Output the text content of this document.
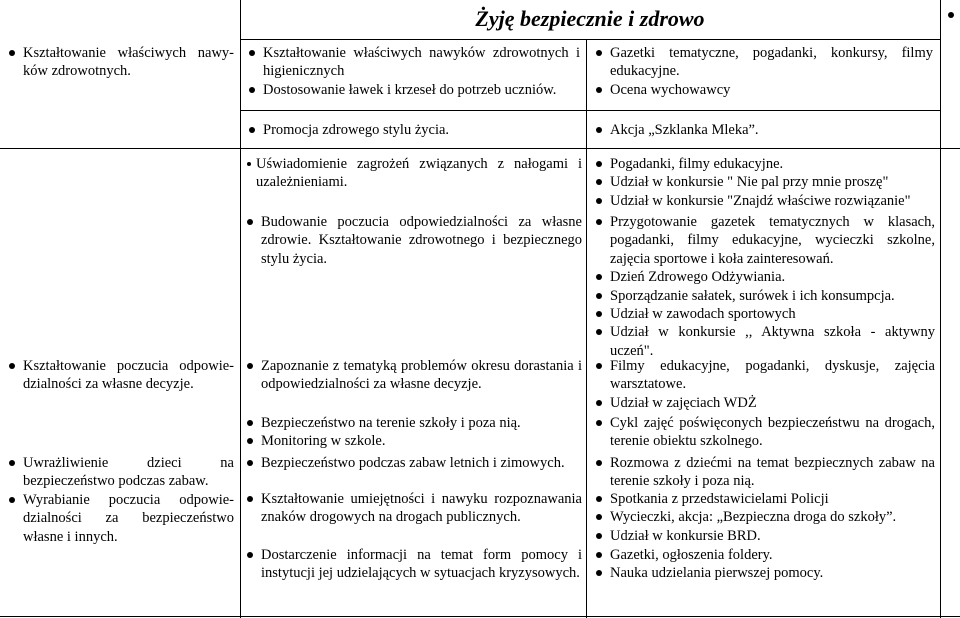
Żyję bezpiecznie i zdrowo
Kształtowanie właściwych nawy-ków zdrowotnych.
Kształtowanie poczucia odpowie-dzialności za własne decyzje.
Uwrażliwienie dzieci na bezpieczeństwo podczas zabaw.
Wyrabianie poczucia odpowie-dzialności za bezpieczeństwo własne i innych.
Kształtowanie właściwych nawyków zdrowotnych i higienicznych
Dostosowanie ławek i krzeseł do potrzeb uczniów.
Gazetki tematyczne, pogadanki, konkursy, filmy edukacyjne.
Ocena wychowawcy
Promocja zdrowego stylu życia.	Akcja „Szklanka Mleka”.
Uświadomienie zagrożeń związanych z nałogami i uzależnieniami.
Budowanie poczucia odpowiedzialności za własne zdrowie. Kształtowanie zdrowotnego i bezpiecznego stylu życia.
Zapoznanie z tematyką problemów okresu dorastania i odpowiedzialności za własne decyzje.
Bezpieczeństwo na terenie szkoły i poza nią.
Monitoring w szkole.
Bezpieczeństwo podczas zabaw letnich i zimowych.
Kształtowanie umiejętności i nawyku rozpoznawania znaków drogowych na drogach publicznych.
Dostarczenie informacji na temat form pomocy i instytucji jej udzielających w sytuacjach kryzysowych.
Pogadanki, filmy edukacyjne.
Udział w konkursie " Nie pal przy mnie proszę"
Udział w konkursie "Znajdź właściwe rozwiązanie"
Przygotowanie gazetek tematycznych w klasach, pogadanki, filmy edukacyjne, wycieczki szkolne, zajęcia sportowe i koła zainteresowań.
Dzień Zdrowego Odżywiania.
Sporządzanie sałatek, surówek i ich konsumpcja.
Udział w zawodach sportowych
Udział w konkursie ,, Aktywna szkoła - aktywny uczeń".
Filmy edukacyjne, pogadanki, dyskusje, zajęcia warsztatowe.
Udział w zajęciach WDŻ
Cykl zajęć poświęconych bezpieczeństwu na drogach, terenie obiektu szkolnego.
Rozmowa z dziećmi na temat bezpiecznych zabaw na terenie szkoły i poza nią.
Spotkania z przedstawicielami Policji
Wycieczki, akcja: „Bezpieczna droga do szkoły”.
Udział w konkursie BRD.
Gazetki, ogłoszenia foldery.
Nauka udzielania pierwszej pomocy.
